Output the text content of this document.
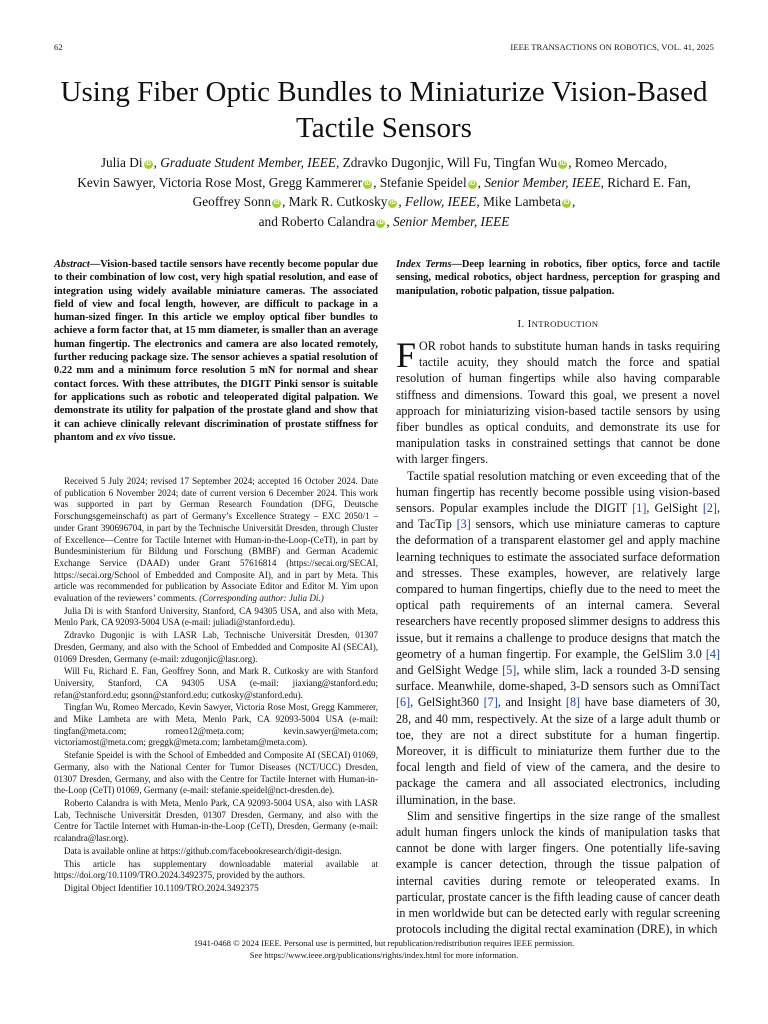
62	IEEE TRANSACTIONS ON ROBOTICS, VOL. 41, 2025
Using Fiber Optic Bundles to Miniaturize Vision-Based Tactile Sensors
Julia Di iD , Graduate Student Member, IEEE, Zdravko Dugonjic, Will Fu, Tingfan Wu iD , Romeo Mercado,
Kevin Sawyer, Victoria Rose Most, Gregg Kammerer iD , Stefanie Speidel iD , Senior Member, IEEE, Richard E. Fan,
Geoffrey Sonn iD , Mark R. Cutkosky iD , Fellow, IEEE, Mike Lambeta iD ,
and Roberto Calandra iD , Senior Member, IEEE
Abstract—Vision-based tactile sensors have recently become popular due to their combination of low cost, very high spatial resolution, and ease of integration using widely available miniature cameras. The associated field of view and focal length, however, are difficult to package in a human-sized finger. In this article we employ optical fiber bundles to achieve a form factor that, at 15 mm diameter, is smaller than an average human fingertip. The electronics and camera are also located remotely, further reducing package size. The sensor achieves a spatial resolution of 0.22 mm and a minimum force resolution 5 mN for normal and shear contact forces. With these attributes, the DIGIT Pinki sensor is suitable for applications such as robotic and teleoperated digital palpation. We demonstrate its utility for palpation of the prostate gland and show that it can achieve clinically relevant discrimination of prostate stiffness for phantom and ex vivo tissue.

Received 5 July 2024; revised 17 September 2024; accepted 16 October 2024. Date of publication 6 November 2024; date of current version 6 December 2024. This work was supported in part by German Research Foundation (DFG, Deutsche Forschungsgemeinschaft) as part of Germany’s Excellence Strategy – EXC 2050/1 – under Grant 390696704, in part by the Technische Universität Dresden, through Cluster of Excellence—Centre for Tactile Internet with Human-in-the-Loop-(CeTI), in part by Bundesministerium für Bildung und Forschung (BMBF) and German Academic Exchange Service (DAAD) under Grant 57616814 (https://secai.org/SECAI, https://secai.org/School of Embedded and Composite AI), and in part by Meta. This article was recommended for publication by Associate Editor and Editor M. Yim upon evaluation of the reviewers’ comments. (Corresponding author: Julia Di.)

Julia Di is with Stanford University, Stanford, CA 94305 USA, and also with Meta, Menlo Park, CA 92093-5004 USA (e-mail: juliadi@stanford.edu).

Zdravko Dugonjic is with LASR Lab, Technische Universität Dresden, 01307 Dresden, Germany, and also with the School of Embedded and Composite AI (SECAI), 01069 Dresden, Germany (e-mail: zdugonjic@lasr.org).

Will Fu, Richard E. Fan, Geoffrey Sonn, and Mark R. Cutkosky are with Stanford University, Stanford, CA 94305 USA (e-mail: jiaxiang@stanford.edu; refan@stanford.edu; gsonn@stanford.edu; cutkosky@stanford.edu).

Tingfan Wu, Romeo Mercado, Kevin Sawyer, Victoria Rose Most, Gregg Kammerer, and Mike Lambeta are with Meta, Menlo Park, CA 92093-5004 USA (e-mail: tingfan@meta.com; romeo12@meta.com; kevin.sawyer@meta.com; victoriamost@meta.com; greggk@meta.com; lambetam@meta.com).

Stefanie Speidel is with the School of Embedded and Composite AI (SECAI) 01069, Germany, also with the National Center for Tumor Diseases (NCT/UCC) Dresden, 01307 Dresden, Germany, and also with the Centre for Tactile Internet with Human-in-the-Loop (CeTI) 01069, Germany (e-mail: stefanie.speidel@nct-dresden.de).

Roberto Calandra is with Meta, Menlo Park, CA 92093-5004 USA, also with LASR Lab, Technische Universität Dresden, 01307 Dresden, Germany, and also with the Centre for Tactile Internet with Human-in-the-Loop (CeTI), Dresden, Germany (e-mail: rcalandra@lasr.org).

Data is available online at https://github.com/facebookresearch/digit-design.

This article has supplementary downloadable material available at https://doi.org/10.1109/TRO.2024.3492375, provided by the authors.

Digital Object Identifier 10.1109/TRO.2024.3492375

Index Terms—Deep learning in robotics, fiber optics, force and tactile sensing, medical robotics, object hardness, perception for grasping and manipulation, robotic palpation, tissue palpation.
I. INTRODUCTION

FOR robot hands to substitute human hands in tasks requiring tactile acuity, they should match the force and spatial resolution of human fingertips while also having comparable stiffness and dimensions. Toward this goal, we present a novel approach for miniaturizing vision-based tactile sensors by using fiber bundles as optical conduits, and demonstrate its use for manipulation tasks in constrained settings that cannot be done with larger fingers.

Tactile spatial resolution matching or even exceeding that of the human fingertip has recently become possible using vision-based sensors. Popular examples include the DIGIT [1], GelSight [2], and TacTip [3] sensors, which use miniature cameras to capture the deformation of a transparent elastomer gel and apply machine learning techniques to estimate the associated surface deformation and stresses. These examples, however, are relatively large compared to human fingertips, chiefly due to the need to meet the optical path requirements of an internal camera. Several researchers have recently proposed slimmer designs to address this issue, but it remains a challenge to produce designs that match the geometry of a human fingertip. For example, the GelSlim 3.0 [4] and GelSight Wedge [5], while slim, lack a rounded 3-D sensing surface. Meanwhile, dome-shaped, 3-D sensors such as OmniTact [6], GelSight360 [7], and Insight [8] have base diameters of 30, 28, and 40 mm, respectively. At the size of a large adult thumb or toe, they are not a direct substitute for a human fingertip. Moreover, it is difficult to miniaturize them further due to the focal length and field of view of the camera, and the desire to package the camera and all associated electronics, including illumination, in the base.

Slim and sensitive fingertips in the size range of the smallest adult human fingers unlock the kinds of manipulation tasks that cannot be done with larger fingers. One potentially life-saving example is cancer detection, through the tissue palpation of internal cavities during remote or teleoperated exams. In particular, prostate cancer is the fifth leading cause of cancer death in men worldwide but can be detected early with regular screening protocols including the digital rectal examination (DRE), in which

1941-0468 © 2024 IEEE. Personal use is permitted, but republication/redistribution requires IEEE permission.
See https://www.ieee.org/publications/rights/index.html for more information.
